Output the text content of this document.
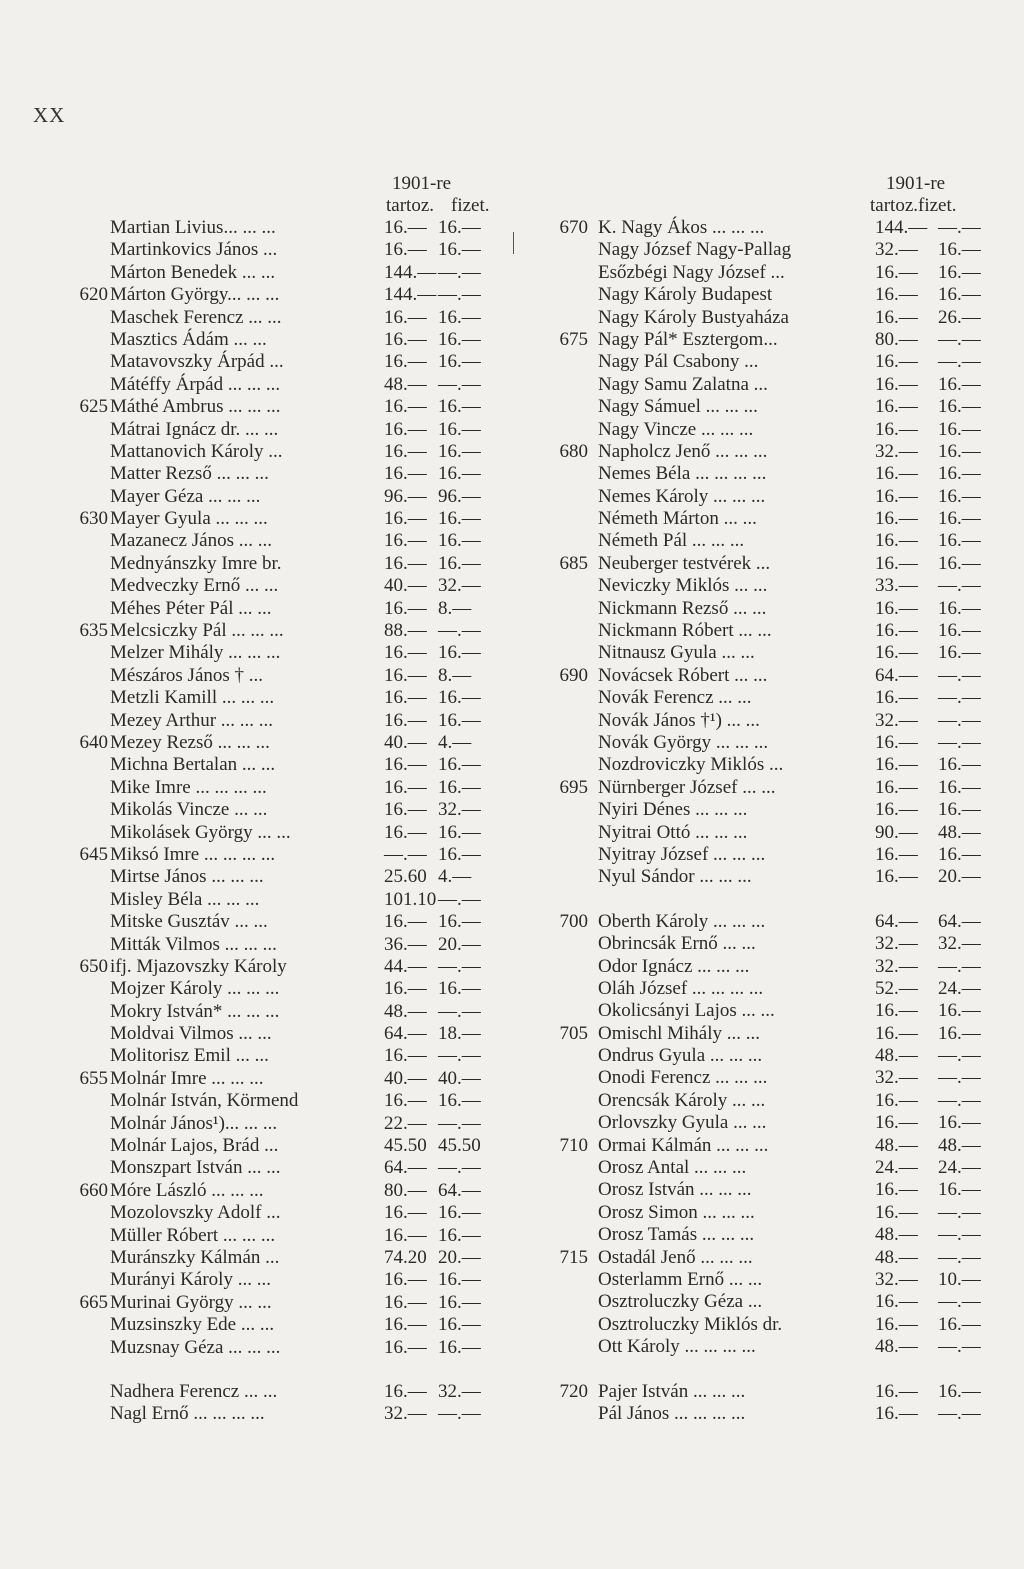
XX
1901-re
tartoz. fizet.
Martian Livius... ... ...	16.— 16.—
Martinkovics János ...	16.— 16.—
Márton Benedek ... ...	144.— —.—
620 Márton György... ... ...	144.— —.—
Maschek Ferencz ... ...	16.— 16.—
Masztics Ádám ... ...	16.— 16.—
Matavovszky Árpád ...	16.— 16.—
Mátéffy Árpád ... ... ...	48.— —.—
625 Máthé Ambrus ... ... ...	16.— 16.—
Mátrai Ignácz dr. ... ...	16.— 16.—
Mattanovich Károly ...	16.— 16.—
Matter Rezső ... ... ...	16.— 16.—
Mayer Géza ... ... ...	96.— 96.—
630 Mayer Gyula ... ... ...	16.— 16.—
Mazanecz János ... ...	16.— 16.—
Mednyánszky Imre br.	16.— 16.—
Medveczky Ernő ... ...	40.— 32.—
Méhes Péter Pál ... ...	16.— 8.—
635 Melcsiczky Pál ... ... ...	88.— —.—
Melzer Mihály ... ... ...	16.— 16.—
Mészáros János † ...	16.— 8.—
Metzli Kamill ... ... ...	16.— 16.—
Mezey Arthur ... ... ...	16.— 16.—
640 Mezey Rezső ... ... ...	40.— 4.—
Michna Bertalan ... ...	16.— 16.—
Mike Imre ... ... ... ...	16.— 16.—
Mikolás Vincze ... ...	16.— 32.—
Mikolásek György ... ...	16.— 16.—
645 Miksó Imre ... ... ... ...	—.— 16.—
Mirtse János ... ... ...	25.60 4.—
Misley Béla ... ... ...	101.10 —.—
Mitske Gusztáv ... ...	16.— 16.—
Mitták Vilmos ... ... ...	36.— 20.—
650 ifj. Mjazovszky Károly	44.— —.—
Mojzer Károly ... ... ...	16.— 16.—
Mokry István* ... ... ...	48.— —.—
Moldvai Vilmos ... ...	64.— 18.—
Molitorisz Emil ... ...	16.— —.—
655 Molnár Imre ... ... ...	40.— 40.—
Molnár István, Körmend	16.— 16.—
Molnár János¹)... ... ...	22.— —.—
Molnár Lajos, Brád ...	45.50 45.50
Monszpart István ... ...	64.— —.—
660 Móre László ... ... ...	80.— 64.—
Mozolovszky Adolf ...	16.— 16.—
Müller Róbert ... ... ...	16.— 16.—
Muránszky Kálmán ...	74.20 20.—
Murányi Károly ... ...	16.— 16.—
665 Murinai György ... ...	16.— 16.—
Muzsinszky Ede ... ...	16.— 16.—
Muzsnay Géza ... ... ...	16.— 16.—
Nadhera Ferencz ... ...	16.— 32.—
Nagl Ernő ... ... ... ...	32.— —.—
1901-re
tartoz.fizet.
670 K. Nagy Ákos ... ... ...	144.— —.—
Nagy József Nagy-Pallag	32.— 16.—
Esőzbégi Nagy József ...	16.— 16.—
Nagy Károly Budapest	16.— 16.—
Nagy Károly Bustyaháza	16.— 26.—
675 Nagy Pál* Esztergom...	80.— —.—
Nagy Pál Csabony ...	16.— —.—
Nagy Samu Zalatna ...	16.— 16.—
Nagy Sámuel ... ... ...	16.— 16.—
Nagy Vincze ... ... ...	16.— 16.—
680 Napholcz Jenő ... ... ...	32.— 16.—
Nemes Béla ... ... ... ...	16.— 16.—
Nemes Károly ... ... ...	16.— 16.—
Németh Márton ... ...	16.— 16.—
Németh Pál ... ... ...	16.— 16.—
685 Neuberger testvérek ...	16.— 16.—
Neviczky Miklós ... ...	33.— —.—
Nickmann Rezső ... ...	16.— 16.—
Nickmann Róbert ... ...	16.— 16.—
Nitnausz Gyula ... ...	16.— 16.—
690 Novácsek Róbert ... ...	64.— —.—
Novák Ferencz ... ...	16.— —.—
Novák János †¹) ... ...	32.— —.—
Novák György ... ... ...	16.— —.—
Nozdroviczky Miklós ...	16.— 16.—
695 Nürnberger József ... ...	16.— 16.—
Nyiri Dénes ... ... ...	16.— 16.—
Nyitrai Ottó ... ... ...	90.— 48.—
Nyitray József ... ... ...	16.— 16.—
Nyul Sándor ... ... ...	16.— 20.—
700 Oberth Károly ... ... ...	64.— 64.—
Obrincsák Ernő ... ...	32.— 32.—
Odor Ignácz ... ... ...	32.— —.—
Oláh József ... ... ... ...	52.— 24.—
Okolicsányi Lajos ... ...	16.— 16.—
705 Omischl Mihály ... ...	16.— 16.—
Ondrus Gyula ... ... ...	48.— —.—
Onodi Ferencz ... ... ...	32.— —.—
Orencsák Károly ... ...	16.— —.—
Orlovszky Gyula ... ...	16.— 16.—
710 Ormai Kálmán ... ... ...	48.— 48.—
Orosz Antal ... ... ...	24.— 24.—
Orosz István ... ... ...	16.— 16.—
Orosz Simon ... ... ...	16.— —.—
Orosz Tamás ... ... ...	48.— —.—
715 Ostadál Jenő ... ... ...	48.— —.—
Osterlamm Ernő ... ...	32.— 10.—
Osztroluczky Géza ...	16.— —.—
Osztroluczky Miklós dr.	16.— 16.—
Ott Károly ... ... ... ...	48.— —.—
720 Pajer István ... ... ...	16.— 16.—
Pál János ... ... ... ...	16.— —.—
